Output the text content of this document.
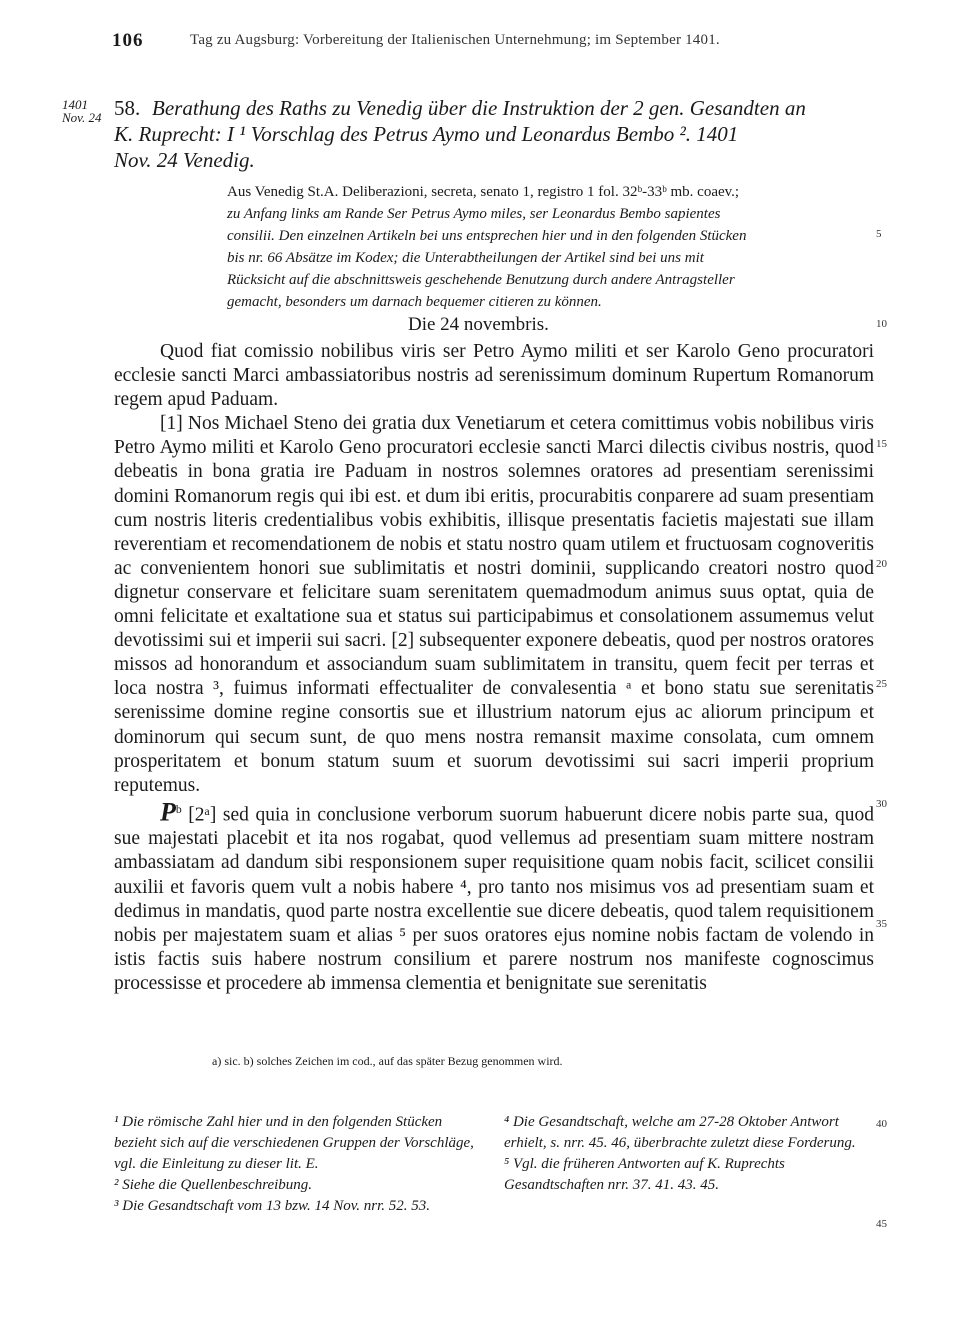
106	Tag zu Augsburg: Vorbereitung der Italienischen Unternehmung; im September 1401.
1401
Nov. 24 58. Berathung des Raths zu Venedig über die Instruktion der 2 gen. Gesandten an
K. Ruprecht: I ¹ Vorschlag des Petrus Aymo und Leonardus Bembo ². 1401
Nov. 24 Venedig.
Aus Venedig St.A. Deliberazioni, secreta, senato 1, registro 1 fol. 32ᵇ-33ᵇ mb. coaev.;
zu Anfang links am Rande Ser Petrus Aymo miles, ser Leonardus Bembo sapientes
consilii. Den einzelnen Artikeln bei uns entsprechen hier und in den folgenden Stücken
bis nr. 66 Absätze im Kodex; die Unterabtheilungen der Artikel sind bei uns mit
Rücksicht auf die abschnittsweis geschehende Benutzung durch andere Antragsteller
gemacht, besonders um darnach bequemer citieren zu können.
5
10
15
20
25
30
35
40
45
Die 24 novembris.

Quod fiat comissio nobilibus viris ser Petro Aymo militi et ser Karolo Geno procuratori ecclesie sancti Marci ambassiatoribus nostris ad serenissimum dominum Rupertum Romanorum regem apud Paduam.

[1] Nos Michael Steno dei gratia dux Venetiarum et cetera comittimus vobis nobilibus viris Petro Aymo militi et Karolo Geno procuratori ecclesie sancti Marci dilectis civibus nostris, quod debeatis in bona gratia ire Paduam in nostros solemnes oratores ad presentiam serenissimi domini Romanorum regis qui ibi est. et dum ibi eritis, procurabitis conparere ad suam presentiam cum nostris literis credentialibus vobis exhibitis, illisque presentatis facietis majestati sue illam reverentiam et recomendationem de nobis et statu nostro quam utilem et fructuosam cognoveritis ac convenientem honori sue sublimitatis et nostri dominii, supplicando creatori nostro quod dignetur conservare et felicitare suam serenitatem quemadmodum animus suus optat, quia de omni felicitate et exaltatione sua et status sui participabimus et consolationem assumemus velut devotissimi sui et imperii sui sacri. [2] subsequenter exponere debeatis, quod per nostros oratores missos ad honorandum et associandum suam sublimitatem in transitu, quem fecit per terras et loca nostra ³, fuimus informati effectualiter de convalesentia ᵃ et bono statu sue serenitatis serenissime domine regine consortis sue et illustrium natorum ejus ac aliorum principum et dominorum qui secum sunt, de quo mens nostra remansit maxime consolata, cum omnem prosperitatem et bonum statum suum et suorum devotissimi sui sacri imperii proprium reputemus.

$P^b$ [2ᵃ] sed quia in conclusione verborum suorum habuerunt dicere nobis parte sua, quod sue majestati placebit et ita nos rogabat, quod vellemus ad presentiam suam mittere nostram ambassiatam ad dandum sibi responsionem super requisitione quam nobis facit, scilicet consilii auxilii et favoris quem vult a nobis habere ⁴, pro tanto nos misimus vos ad presentiam suam et dedimus in mandatis, quod parte nostra excellentie sue dicere debeatis, quod talem requisitionem nobis per majestatem suam et alias ⁵ per suos oratores ejus nomine nobis factam de volendo in istis factis suis habere nostrum consilium et parere nostrum nos manifeste cognoscimus processisse et procedere ab immensa clementia et benignitate sue serenitatis

a) sic. b) solches Zeichen im cod., auf das später Bezug genommen wird.

¹ Die römische Zahl hier und in den folgenden Stücken bezieht sich auf die verschiedenen Gruppen der Vorschläge, vgl. die Einleitung zu dieser lit. E.

² Siehe die Quellenbeschreibung.

³ Die Gesandtschaft vom 13 bzw. 14 Nov. nrr. 52. 53.

⁴ Die Gesandtschaft, welche am 27-28 Oktober Antwort erhielt, s. nrr. 45. 46, überbrachte zuletzt diese Forderung.

⁵ Vgl. die früheren Antworten auf K. Ruprechts Gesandtschaften nrr. 37. 41. 43. 45.
